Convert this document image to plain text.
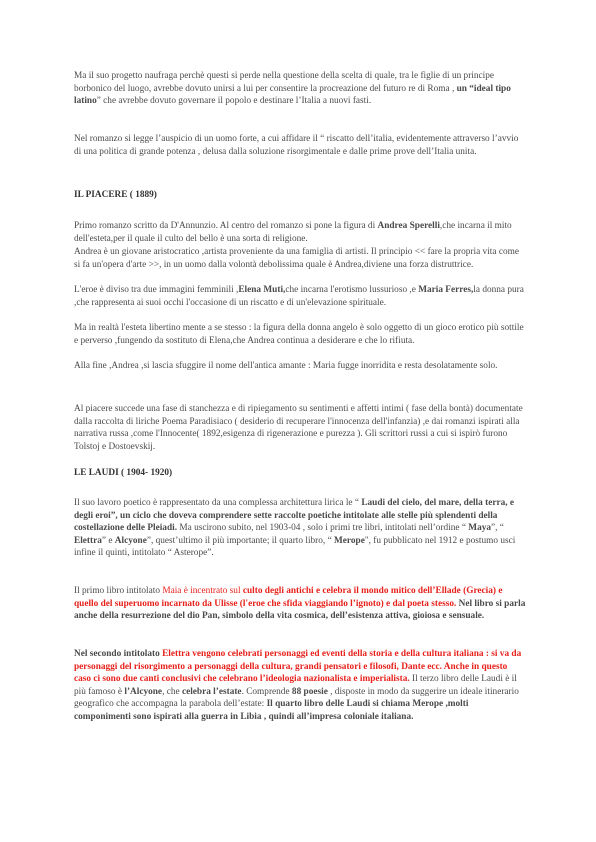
Ma il suo progetto naufraga perchè questi si perde nella questione della scelta di quale, tra le figlie di un principe borbonico del luogo, avrebbe dovuto unirsi a lui per consentire la procreazione del futuro re di Roma , un “ideal tipo latino” che avrebbe dovuto governare il popolo e destinare l’Italia a nuovi fasti.

Nel romanzo si legge l’auspicio di un uomo forte, a cui affidare il “ riscatto dell’italia, evidentemente attraverso l’avvio di una politica di grande potenza , delusa dalla soluzione risorgimentale e dalle prime prove dell’Italia unita.

IL PIACERE ( 1889)

Primo romanzo scritto da D'Annunzio. Al centro del romanzo si pone la figura di Andrea Sperelli,che incarna il mito dell'esteta,per il quale il culto del bello è una sorta di religione.

Andrea è un giovane aristocratico ,artista proveniente da una famiglia di artisti. Il principio << fare la propria vita come si fa un'opera d'arte >>, in un uomo dalla volontà debolissima quale è Andrea,diviene una forza distruttrice.

L'eroe è diviso tra due immagini femminili ,Elena Muti,che incarna l'erotismo lussurioso ,e Maria Ferres,la donna pura ,che rappresenta ai suoi occhi l'occasione di un riscatto e di un'elevazione spirituale.

Ma in realtà l'esteta libertino mente a se stesso : la figura della donna angelo è solo oggetto di un gioco erotico più sottile e perverso ,fungendo da sostituto di Elena,che Andrea continua a desiderare e che lo rifiuta.

Alla fine ,Andrea ,si lascia sfuggire il nome dell'antica amante : Maria fugge inorridita e resta desolatamente solo.

Al piacere succede una fase di stanchezza e di ripiegamento su sentimenti e affetti intimi ( fase della bontà) documentate dalla raccolta di liriche Poema Paradisiaco ( desiderio di recuperare l'innocenza dell'infanzia) ,e dai romanzi ispirati alla narrativa russa ,come l'Innocente( 1892,esigenza di rigenerazione e purezza ). Gli scrittori russi a cui si ispirò furono Tolstoj e Dostoevskij.

LE LAUDI ( 1904- 1920)

Il suo lavoro poetico è rappresentato da una complessa architettura lirica le “ Laudi del cielo, del mare, della terra, e degli eroi”, un ciclo che doveva comprendere sette raccolte poetiche intitolate alle stelle più splendenti della costellazione delle Pleiadi. Ma uscirono subito, nel 1903-04 , solo i primi tre libri, intitolati nell’ordine “ Maya”, “ Elettra” e Alcyone”, quest’ultimo il più importante; il quarto libro, “ Merope", fu pubblicato nel 1912 e postumo usci infine il quinti, intitolato “ Asterope”.

Il primo libro intitolato Maia è incentrato sul culto degli antichi e celebra il mondo mitico dell’Ellade (Grecia) e quello del superuomo incarnato da Ulisse (l'eroe che sfida viaggiando l’ignoto) e dal poeta stesso. Nel libro si parla anche della resurrezione del dio Pan, simbolo della vita cosmica, dell’esistenza attiva, gioiosa e sensuale.

Nel secondo intitolato Elettra vengono celebrati personaggi ed eventi della storia e della cultura italiana : si va da personaggi del risorgimento a personaggi della cultura, grandi pensatori e filosofi, Dante ecc. Anche in questo caso ci sono due canti conclusivi che celebrano l’ideologia nazionalista e imperialista. Il terzo libro delle Laudi è il più famoso è l’Alcyone, che celebra l’estate. Comprende 88 poesie , disposte in modo da suggerire un ideale itinerario geografico che accompagna la parabola dell’estate: Il quarto libro delle Laudi si chiama Merope ,molti componimenti sono ispirati alla guerra in Libia , quindi all’impresa coloniale italiana.
